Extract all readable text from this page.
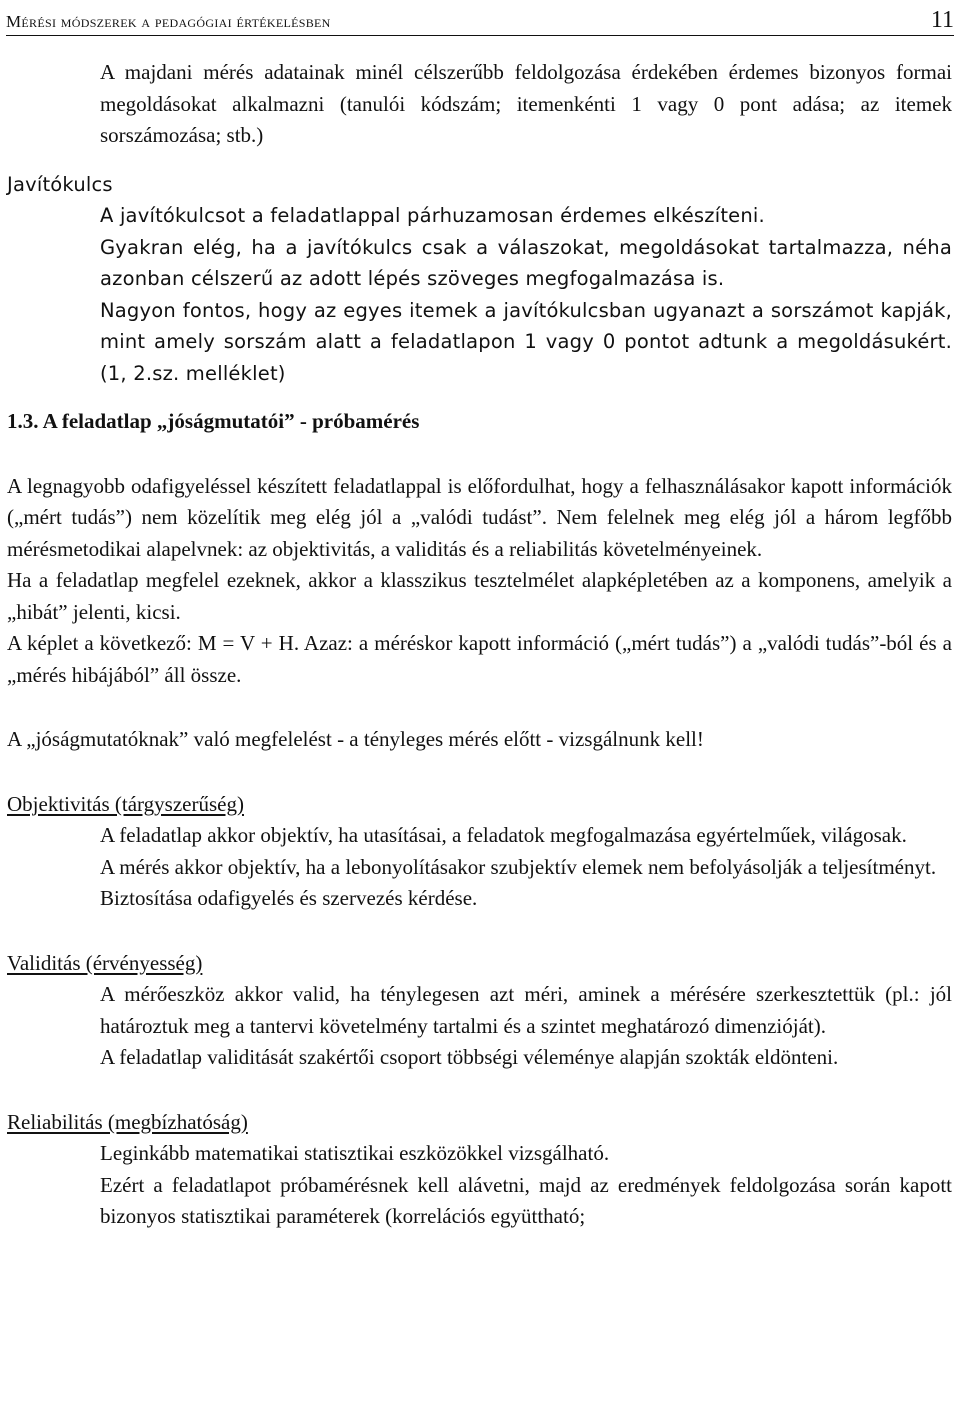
Mérési módszerek a pedagógiai értékelésben	11

A majdani mérés adatainak minél célszerűbb feldolgozása érdekében érdemes bizonyos formai megoldásokat alkalmazni (tanulói kódszám; itemenkénti 1 vagy 0 pont adása; az itemek sorszámozása; stb.)

Javítókulcs

A javítókulcsot a feladatlappal párhuzamosan érdemes elkészíteni.

Gyakran elég, ha a javítókulcs csak a válaszokat, megoldásokat tartalmazza, néha azonban célszerű az adott lépés szöveges megfogalmazása is.

Nagyon fontos, hogy az egyes itemek a javítókulcsban ugyanazt a sorszámot kapják, mint amely sorszám alatt a feladatlapon 1 vagy 0 pontot adtunk a megoldásukért. (1, 2.sz. melléklet)

1.3. A feladatlap „jóságmutatói” - próbamérés

A legnagyobb odafigyeléssel készített feladatlappal is előfordulhat, hogy a felhasználásakor kapott információk („mért tudás”) nem közelítik meg elég jól a „valódi tudást”. Nem felelnek meg elég jól a három legfőbb mérésmetodikai alapelvnek: az objektivitás, a validitás és a reliabilitás követelményeinek.

Ha a feladatlap megfelel ezeknek, akkor a klasszikus tesztelmélet alapképletében az a komponens, amelyik a „hibát” jelenti, kicsi.

A képlet a következő: M = V + H. Azaz: a méréskor kapott információ („mért tudás”) a „valódi tudás”-ból és a „mérés hibájából” áll össze.

A „jóságmutatóknak” való megfelelést - a tényleges mérés előtt - vizsgálnunk kell!

Objektivitás (tárgyszerűség)

A feladatlap akkor objektív, ha utasításai, a feladatok megfogalmazása egyértelműek, világosak.

A mérés akkor objektív, ha a lebonyolításakor szubjektív elemek nem befolyásolják a teljesítményt.

Biztosítása odafigyelés és szervezés kérdése.

Validitás (érvényesség)

A mérőeszköz akkor valid, ha ténylegesen azt méri, aminek a mérésére szerkesztettük (pl.: jól határoztuk meg a tantervi követelmény tartalmi és a szintet meghatározó dimenzióját).

A feladatlap validitását szakértői csoport többségi véleménye alapján szokták eldönteni.

Reliabilitás (megbízhatóság)

Leginkább matematikai statisztikai eszközökkel vizsgálható.

Ezért a feladatlapot próbamérésnek kell alávetni, majd az eredmények feldolgozása során kapott bizonyos statisztikai paraméterek (korrelációs együttható;
